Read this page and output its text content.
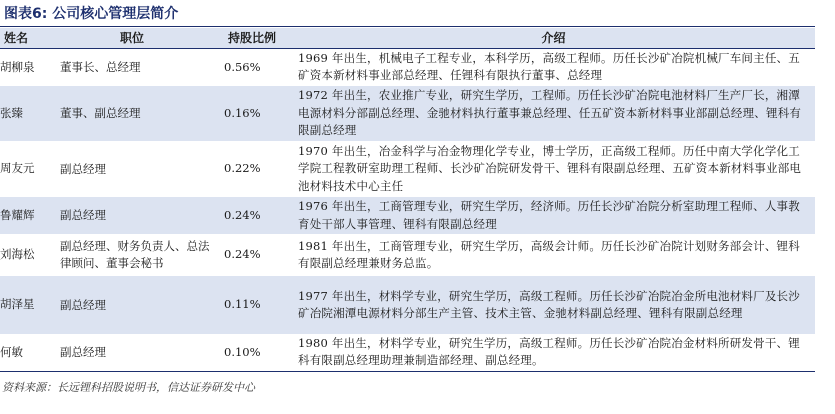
图表6: 公司核心管理层简介
姓名	职位	持股比例	介绍
胡柳泉	董事长、总经理	0.56%	1969 年出生，机械电子工程专业，本科学历，高级工程师。历任长沙矿冶院机械厂车间主任、五矿资本新材料事业部总经理、任锂科有限执行董事、总经理
张臻	董事、副总经理	0.16%	1972 年出生，农业推广专业，研究生学历，工程师。历任长沙矿冶院电池材料厂生产厂长，湘潭电源材料分部副总经理、金驰材料执行董事兼总经理、任五矿资本新材料事业部副总经理、锂科有限副总经理
周友元	副总经理	0.22%	1970 年出生，冶金科学与冶金物理化学专业，博士学历，正高级工程师。历任中南大学化学化工学院工程教研室助理工程师、长沙矿冶院研发骨干、锂科有限副总经理、五矿资本新材料事业部电池材料技术中心主任
鲁耀辉	副总经理	0.24%	1976 年出生，工商管理专业，研究生学历，经济师。历任长沙矿冶院分析室助理工程师、人事教育处干部人事管理、锂科有限副总经理
刘海松	副总经理、财务负责人、总法律顾问、董事会秘书	0.24%	1981 年出生，工商管理专业，研究生学历，高级会计师。历任长沙矿冶院计划财务部会计、锂科有限副总经理兼财务总监。
胡泽星	副总经理	0.11%	1977 年出生，材料学专业，研究生学历，高级工程师。历任长沙矿冶院冶金所电池材料厂及长沙矿冶院湘潭电源材料分部生产主管、技术主管、金驰材料副总经理、锂科有限副总经理
何敏	副总经理	0.10%	1980 年出生，材料学专业，研究生学历，高级工程师。历任长沙矿冶院冶金材料所研发骨干、锂科有限副总经理助理兼制造部经理、副总经理。
资料来源：长远锂科招股说明书，信达证券研发中心
